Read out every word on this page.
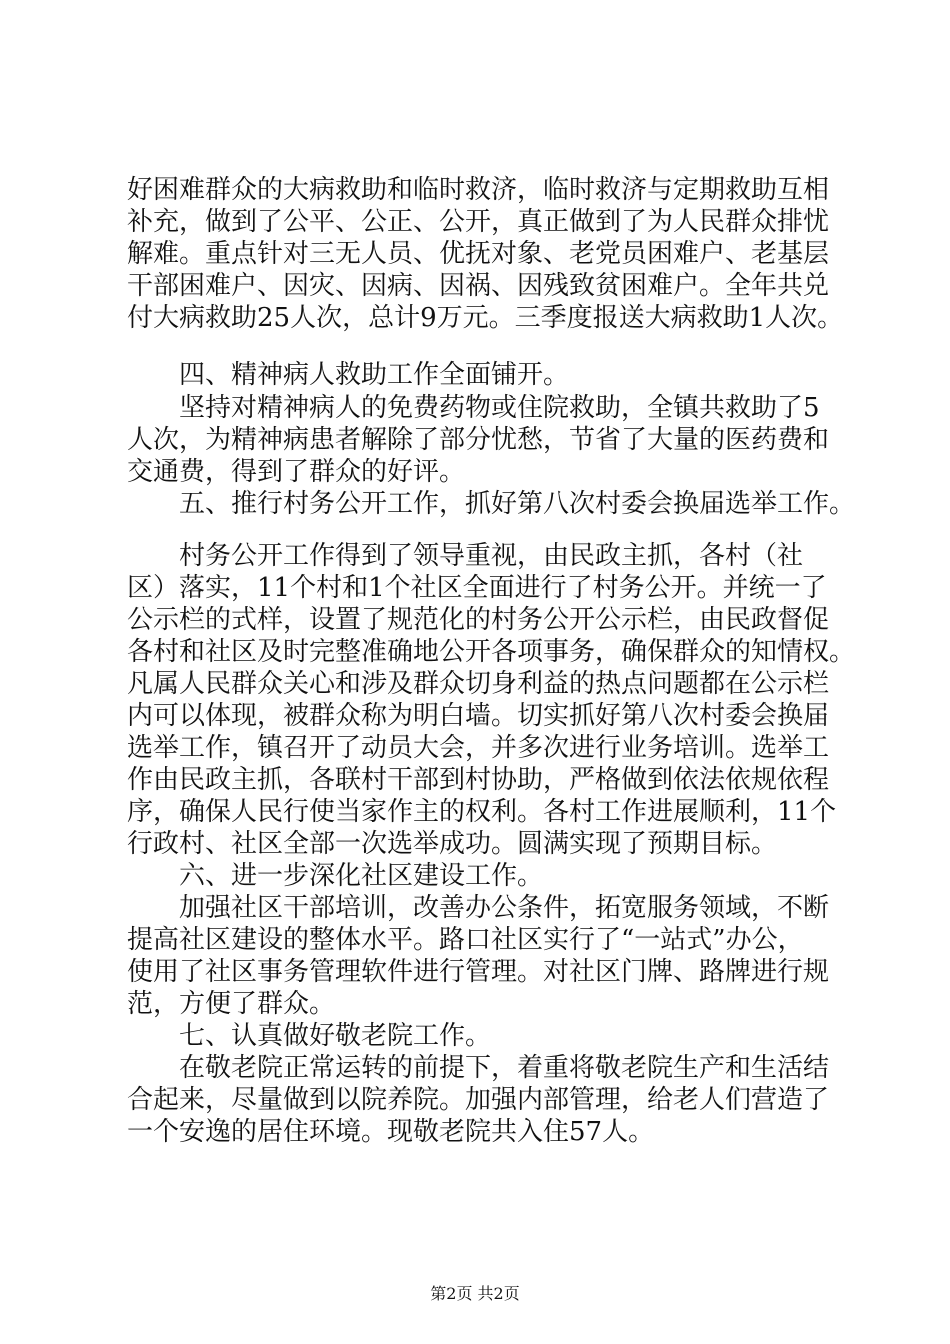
好困难群众的大病救助和临时救济，临时救济与定期救助互相
补充，做到了公平、公正、公开，真正做到了为人民群众排忧
解难。重点针对三无人员、优抚对象、老党员困难户、老基层
干部困难户、因灾、因病、因祸、因残致贫困难户。全年共兑
付大病救助25人次，总计9万元。三季度报送大病救助1人次。
四、精神病人救助工作全面铺开。
坚持对精神病人的免费药物或住院救助，全镇共救助了5
人次，为精神病患者解除了部分忧愁，节省了大量的医药费和
交通费，得到了群众的好评。
五、推行村务公开工作，抓好第八次村委会换届选举工作。
村务公开工作得到了领导重视，由民政主抓，各村（社
区）落实，11个村和1个社区全面进行了村务公开。并统一了
公示栏的式样，设置了规范化的村务公开公示栏，由民政督促
各村和社区及时完整准确地公开各项事务，确保群众的知情权。
凡属人民群众关心和涉及群众切身利益的热点问题都在公示栏
内可以体现，被群众称为明白墙。切实抓好第八次村委会换届
选举工作，镇召开了动员大会，并多次进行业务培训。选举工
作由民政主抓，各联村干部到村协助，严格做到依法依规依程
序，确保人民行使当家作主的权利。各村工作进展顺利，11个
行政村、社区全部一次选举成功。圆满实现了预期目标。
六、进一步深化社区建设工作。
加强社区干部培训，改善办公条件，拓宽服务领域，不断
提高社区建设的整体水平。路口社区实行了“一站式”办公，
使用了社区事务管理软件进行管理。对社区门牌、路牌进行规
范，方便了群众。
七、认真做好敬老院工作。
在敬老院正常运转的前提下，着重将敬老院生产和生活结
合起来，尽量做到以院养院。加强内部管理，给老人们营造了
一个安逸的居住环境。现敬老院共入住57人。
第2页 共2页
